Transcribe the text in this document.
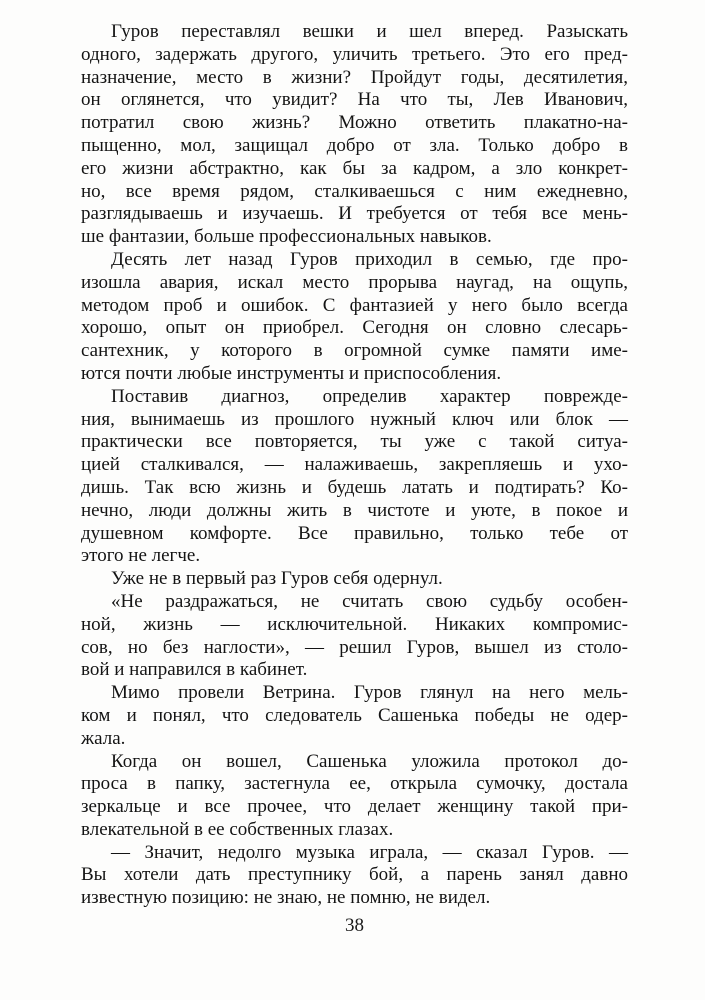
Гуров переставлял вешки и шел вперед. Разыскать
одного, задержать другого, уличить третьего. Это его пред-
назначение, место в жизни? Пройдут годы, десятилетия,
он оглянется, что увидит? На что ты, Лев Иванович,
потратил свою жизнь? Можно ответить плакатно-на-
пыщенно, мол, защищал добро от зла. Только добро в
его жизни абстрактно, как бы за кадром, а зло конкрет-
но, все время рядом, сталкиваешься с ним ежедневно,
разглядываешь и изучаешь. И требуется от тебя все мень-
ше фантазии, больше профессиональных навыков.
Десять лет назад Гуров приходил в семью, где про-
изошла авария, искал место прорыва наугад, на ощупь,
методом проб и ошибок. С фантазией у него было всегда
хорошо, опыт он приобрел. Сегодня он словно слесарь-
сантехник, у которого в огромной сумке памяти име-
ются почти любые инструменты и приспособления.
Поставив диагноз, определив характер поврежде-
ния, вынимаешь из прошлого нужный ключ или блок —
практически все повторяется, ты уже с такой ситуа-
цией сталкивался, — налаживаешь, закрепляешь и ухо-
дишь. Так всю жизнь и будешь латать и подтирать? Ко-
нечно, люди должны жить в чистоте и уюте, в покое и
душевном комфорте. Все правильно, только тебе от
этого не легче.
Уже не в первый раз Гуров себя одернул.
«Не раздражаться, не считать свою судьбу особен-
ной, жизнь — исключительной. Никаких компромис-
сов, но без наглости», — решил Гуров, вышел из столо-
вой и направился в кабинет.
Мимо провели Ветрина. Гуров глянул на него мель-
ком и понял, что следователь Сашенька победы не одер-
жала.
Когда он вошел, Сашенька уложила протокол до-
проса в папку, застегнула ее, открыла сумочку, достала
зеркальце и все прочее, что делает женщину такой при-
влекательной в ее собственных глазах.
— Значит, недолго музыка играла, — сказал Гуров. —
Вы хотели дать преступнику бой, а парень занял давно
известную позицию: не знаю, не помню, не видел.
38
